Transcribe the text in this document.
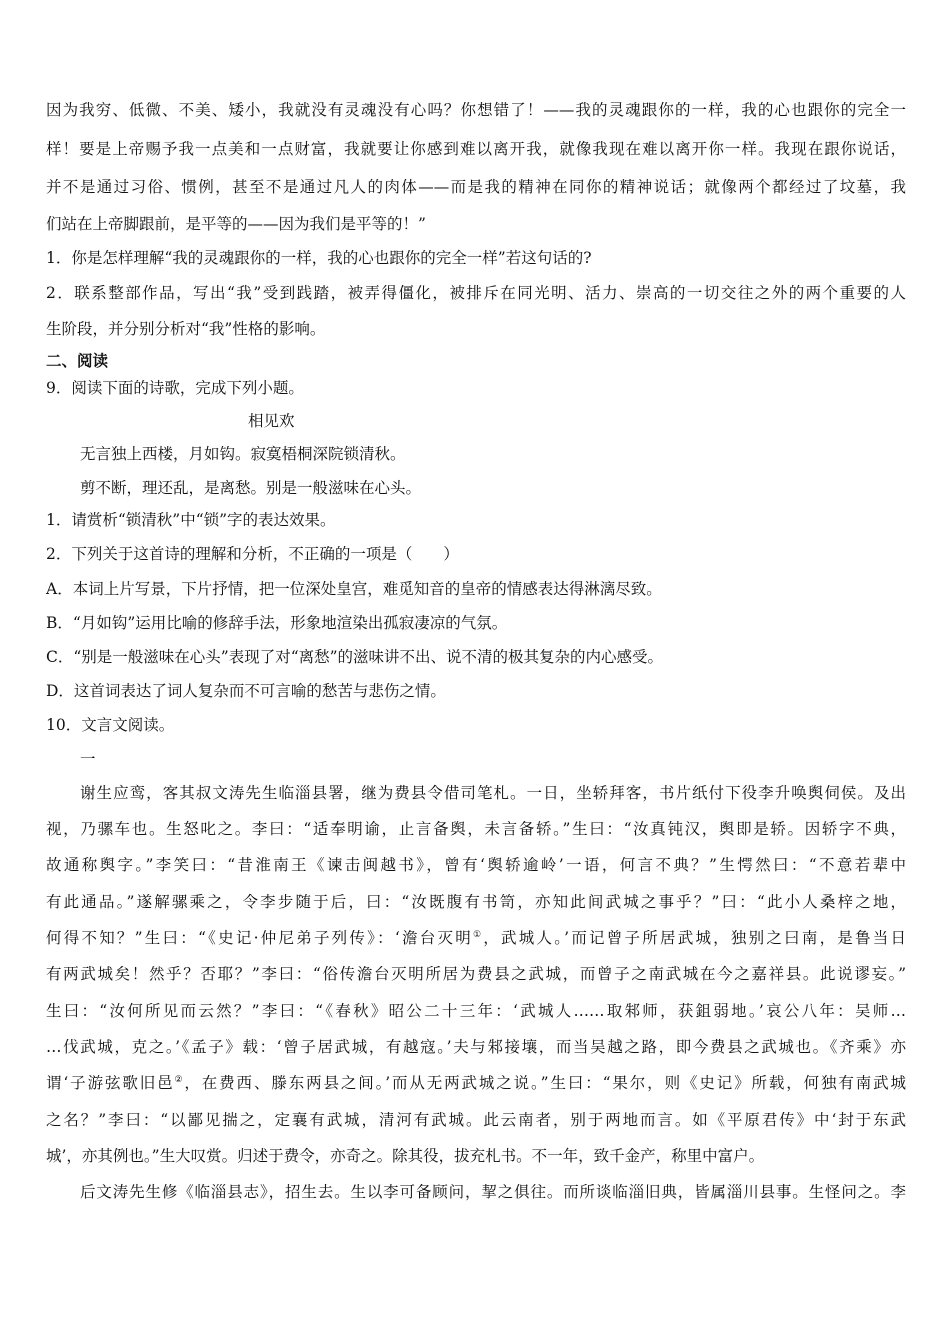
因为我穷、低微、不美、矮小，我就没有灵魂没有心吗？你想错了！——我的灵魂跟你的一样，我的心也跟你的完全一
样！要是上帝赐予我一点美和一点财富，我就要让你感到难以离开我，就像我现在难以离开你一样。我现在跟你说话，
并不是通过习俗、惯例，甚至不是通过凡人的肉体——而是我的精神在同你的精神说话；就像两个都经过了坟墓，我
们站在上帝脚跟前，是平等的——因为我们是平等的！”
1．你是怎样理解“我的灵魂跟你的一样，我的心也跟你的完全一样”若这句话的?
2．联系整部作品，写出“我”受到践踏，被弄得僵化，被排斥在同光明、活力、崇高的一切交往之外的两个重要的人
生阶段，并分别分析对“我”性格的影响。
二、阅读
9．阅读下面的诗歌，完成下列小题。
相见欢
无言独上西楼，月如钩。寂寞梧桐深院锁清秋。
剪不断，理还乱，是离愁。别是一般滋味在心头。
1．请赏析“锁清秋”中“锁”字的表达效果。
2．下列关于这首诗的理解和分析，不正确的一项是（　　）
A．本词上片写景，下片抒情，把一位深处皇宫，难觅知音的皇帝的情感表达得淋漓尽致。
B．“月如钩”运用比喻的修辞手法，形象地渲染出孤寂凄凉的气氛。
C．“别是一般滋味在心头”表现了对“离愁”的滋味讲不出、说不清的极其复杂的内心感受。
D．这首词表达了词人复杂而不可言喻的愁苦与悲伤之情。
10．文言文阅读。
一
谢生应鸾，客其叔文涛先生临淄县署，继为费县令借司笔札。一日，坐轿拜客，书片纸付下役李升唤舆伺侯。及出
视，乃骡车也。生怒叱之。李曰：“适奉明谕，止言备舆，未言备轿。”生曰：“汝真钝汉，舆即是轿。因轿字不典，
故通称舆字。”李笑曰：“昔淮南王《谏击闽越书》，曾有‘舆轿逾岭’一语，何言不典？”生愕然曰：“不意若辈中
有此通品。”遂解骡乘之，令李步随于后，曰：“汝既腹有书笥，亦知此间武城之事乎？”曰：“此小人桑梓之地，
何得不知？”生曰：“《史记·仲尼弟子列传》：‘澹台灭明①，武城人。’而记曾子所居武城，独别之曰南，是鲁当日
有两武城矣！然乎？否耶？”李曰：“俗传澹台灭明所居为费县之武城，而曾子之南武城在今之嘉祥县。此说谬妄。”
生曰：“汝何所见而云然？”李曰：“《春秋》昭公二十三年：‘武城人……取邾师，获鉏弱地。’哀公八年：吴师…
…伐武城，克之。’《孟子》载：‘曾子居武城，有越寇。’夫与邾接壤，而当吴越之路，即今费县之武城也。《齐乘》亦
谓‘子游弦歌旧邑②，在费西、滕东两县之间。’而从无两武城之说。”生曰：“果尔，则《史记》所载，何独有南武城
之名？”李曰：“以鄙见揣之，定襄有武城，清河有武城。此云南者，别于两地而言。如《平原君传》中‘封于东武
城’，亦其例也。”生大叹赏。归述于费令，亦奇之。除其役，拔充札书。不一年，致千金产，称里中富户。
后文涛先生修《临淄县志》，招生去。生以李可备顾问，挈之俱往。而所谈临淄旧典，皆属淄川县事。生怪问之。李
